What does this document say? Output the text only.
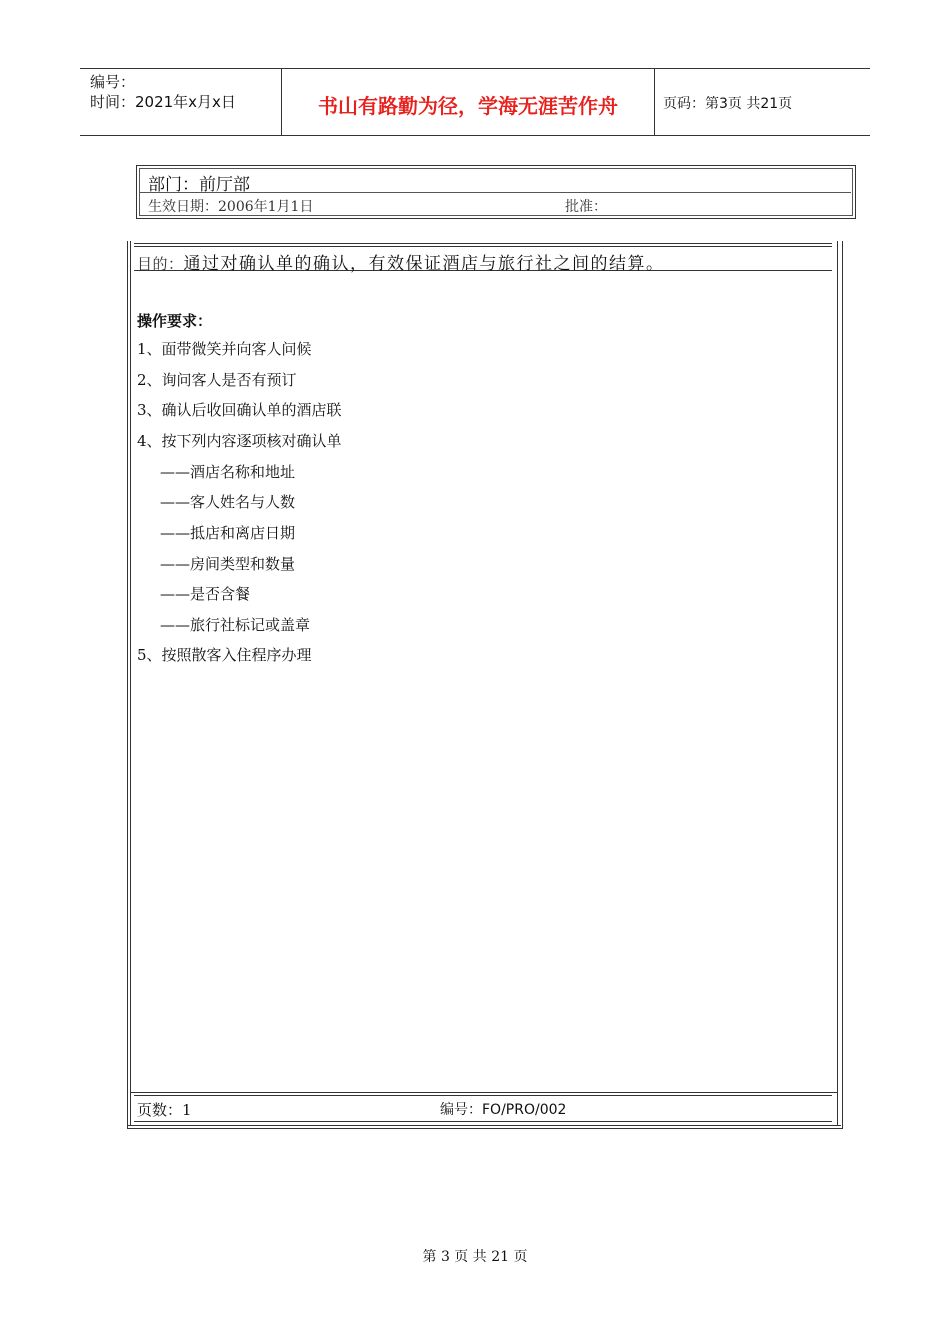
编号：
时间：2021年x月x日	书山有路勤为径，学海无涯苦作舟	页码：第3页 共21页
部门：前厅部
生效日期：2006年1月1日	批准：
目的：通过对确认单的确认，有效保证酒店与旅行社之间的结算。
操作要求：
1、面带微笑并向客人问候
2、询问客人是否有预订
3、确认后收回确认单的酒店联
4、按下列内容逐项核对确认单
——酒店名称和地址
——客人姓名与人数
——抵店和离店日期
——房间类型和数量
——是否含餐
——旅行社标记或盖章
5、按照散客入住程序办理
页数：1	编号：FO/PRO/002
第 3 页 共 21 页
